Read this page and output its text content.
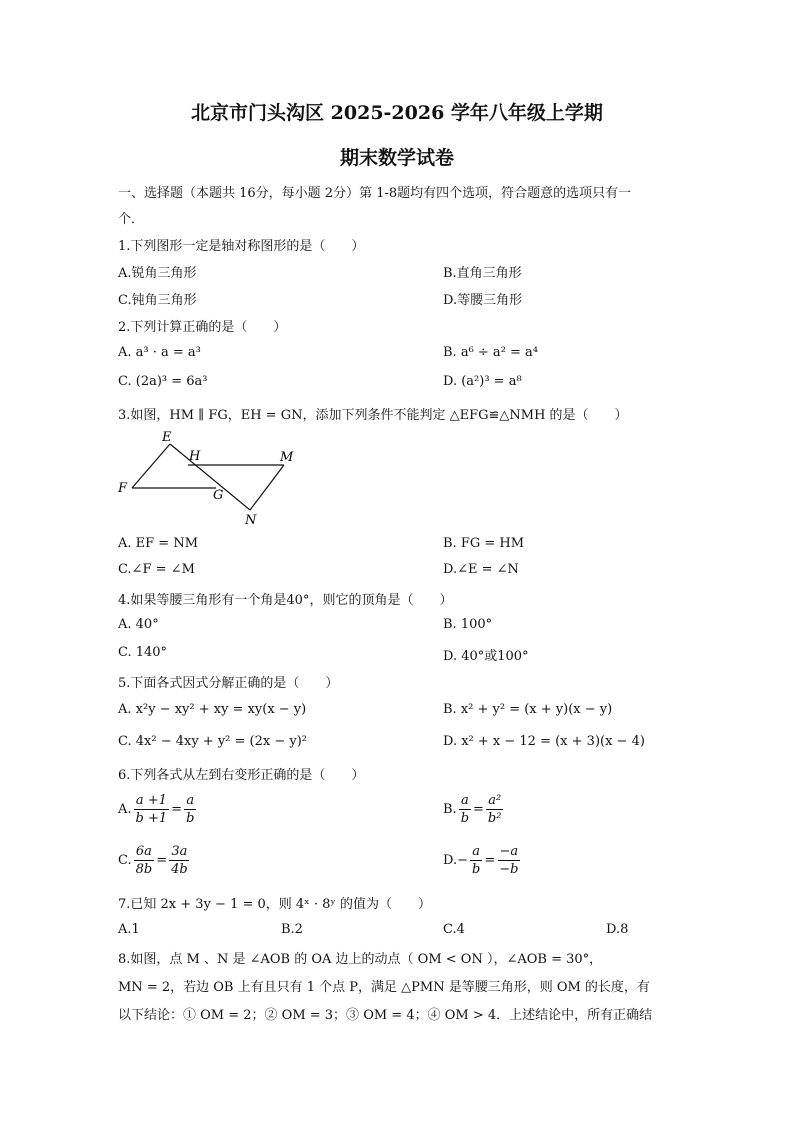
北京市门头沟区 2025-2026 学年八年级上学期
期末数学试卷
一、选择题（本题共 16分，每小题 2分）第 1-8题均有四个选项，符合题意的选项只有一
个．
1.下列图形一定是轴对称图形的是（　　）
A.锐角三角形	B.直角三角形
C.钝角三角形	D.等腰三角形
2.下列计算正确的是（　　）
A. a³ · a = a³	B. a⁶ ÷ a² = a⁴
C. (2a)³ = 6a³	D. (a²)³ = a⁸
3.如图，HM ∥ FG，EH = GN，添加下列条件不能判定 △EFG≌△NMH 的是（　　）
E
H	M
F	G
N
A. EF = NM	B. FG = HM
C.∠F = ∠M	D.∠E = ∠N
4.如果等腰三角形有一个角是40°，则它的顶角是（　　）
A. 40°	B. 100°
C. 140°	D. 40°或100°
5.下面各式因式分解正确的是（　　）
A. x²y − xy² + xy = xy(x − y)	B. x² + y² = (x + y)(x − y)
C. 4x² − 4xy + y² = (2x − y)²	D. x² + x − 12 = (x + 3)(x − 4)
6.下列各式从左到右变形正确的是（　　）
A. $\frac{a +1}{b +1} = \frac{a}{b}$	B. $\frac{a}{b} = \frac{\text{a²}}{\text{b²}}$
C. $\frac{6a}{8b} = \frac{3a}{4b}$	$D.- \frac{a}{b} = \frac{-a}{-b}$
7.已知 2x + 3y − 1 = 0，则 4ˣ · 8ʸ 的值为（　　）
A.1	B.2	C.4	D.8
8.如图，点 M 、N 是 ∠AOB 的 OA 边上的动点（ OM < ON ），∠AOB = 30°，
MN = 2，若边 OB 上有且只有 1 个点 P，满足 △PMN 是等腰三角形，则 OM 的长度，有
以下结论：① OM = 2；② OM = 3；③ OM = 4；④ OM > 4．上述结论中，所有正确结
